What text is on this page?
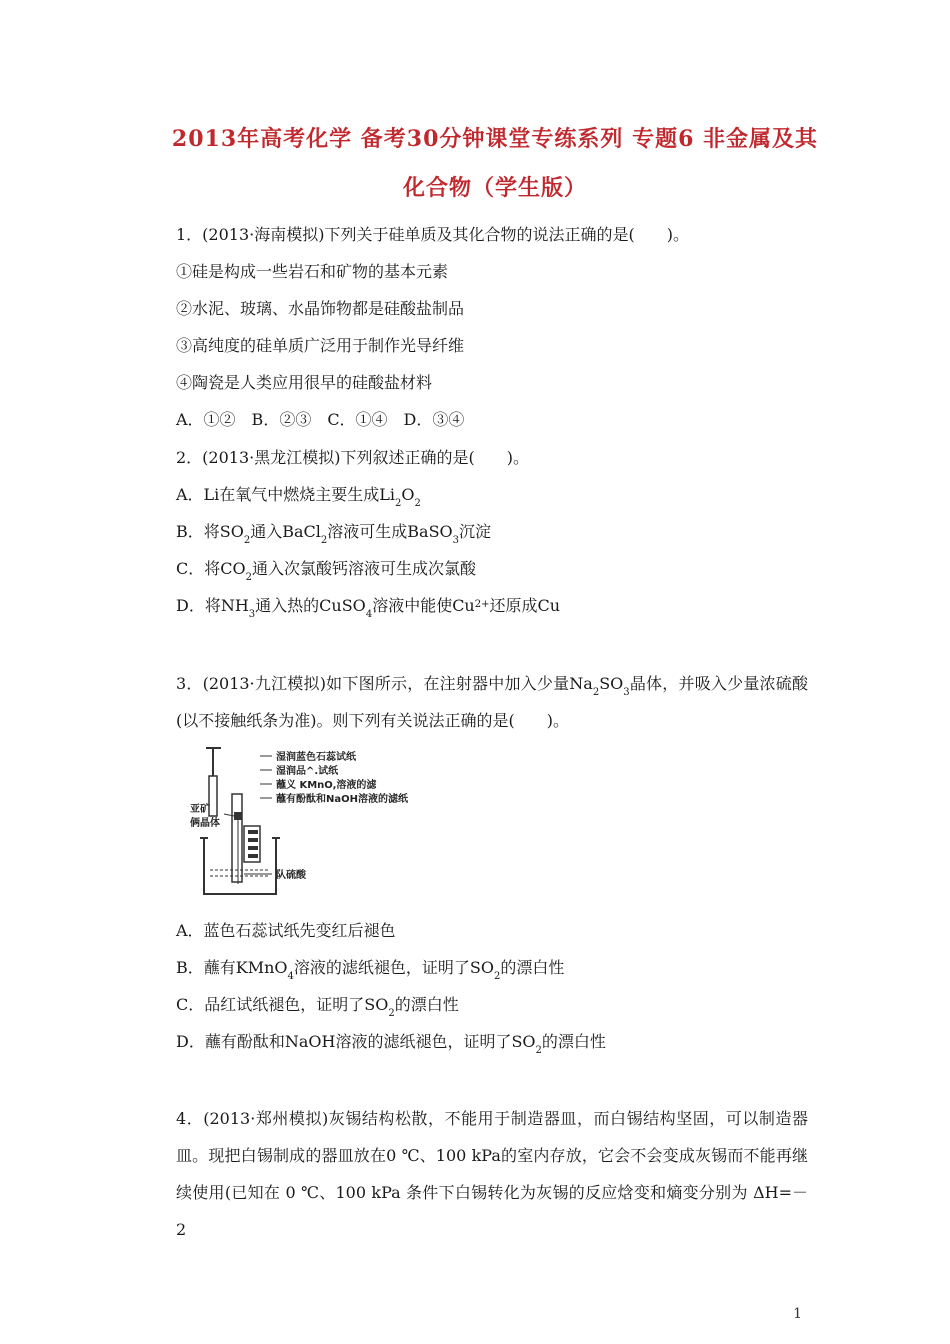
2013年高考化学 备考30分钟课堂专练系列 专题6 非金属及其
化合物（学生版）
1．(2013·海南模拟)下列关于硅单质及其化合物的说法正确的是(　　)。
①硅是构成一些岩石和矿物的基本元素
②水泥、玻璃、水晶饰物都是硅酸盐制品
③高纯度的硅单质广泛用于制作光导纤维
④陶瓷是人类应用很早的硅酸盐材料
A．①②　B．②③　C．①④　D．③④
2．(2013·黑龙江模拟)下列叙述正确的是(　　)。
A．Li在氧气中燃烧主要生成$Li_2O_2$
B．将$SO_2$通入BaCl$_2$溶液可生成BaSO$_3$沉淀
C．将$CO_2$通入次氯酸钙溶液可生成次氯酸
D．将$NH_3$通入热的CuSO$_4$溶液中能使$Cu^{2+}$还原成Cu
3．(2013·九江模拟)如下图所示，在注射器中加入少量$Na_2SO_3$晶体，并吸入少量浓硫酸(以不接触纸条为准)。则下列有关说法正确的是(　　)。
湿润蓝色石蕊试纸
湿润品^.试纸
蘸义 KMnO,溶液的滤
蘸有酚酞和NaOH溶液的滤纸
亚矿
俩晶体
队硫酸
A．蓝色石蕊试纸先变红后褪色
B．蘸有KMnO$_4$溶液的滤纸褪色，证明了$SO_2$的漂白性
C．品红试纸褪色，证明了$SO_2$的漂白性
D．蘸有酚酞和NaOH溶液的滤纸褪色，证明了$SO_2$的漂白性
4．(2013·郑州模拟)灰锡结构松散，不能用于制造器皿，而白锡结构坚固，可以制造器皿。现把白锡制成的器皿放在0 ℃、100 kPa的室内存放，它会不会变成灰锡而不能再继续使用(已知在 0 ℃、100 kPa 条件下白锡转化为灰锡的反应焓变和熵变分别为 ΔH=－2
1
